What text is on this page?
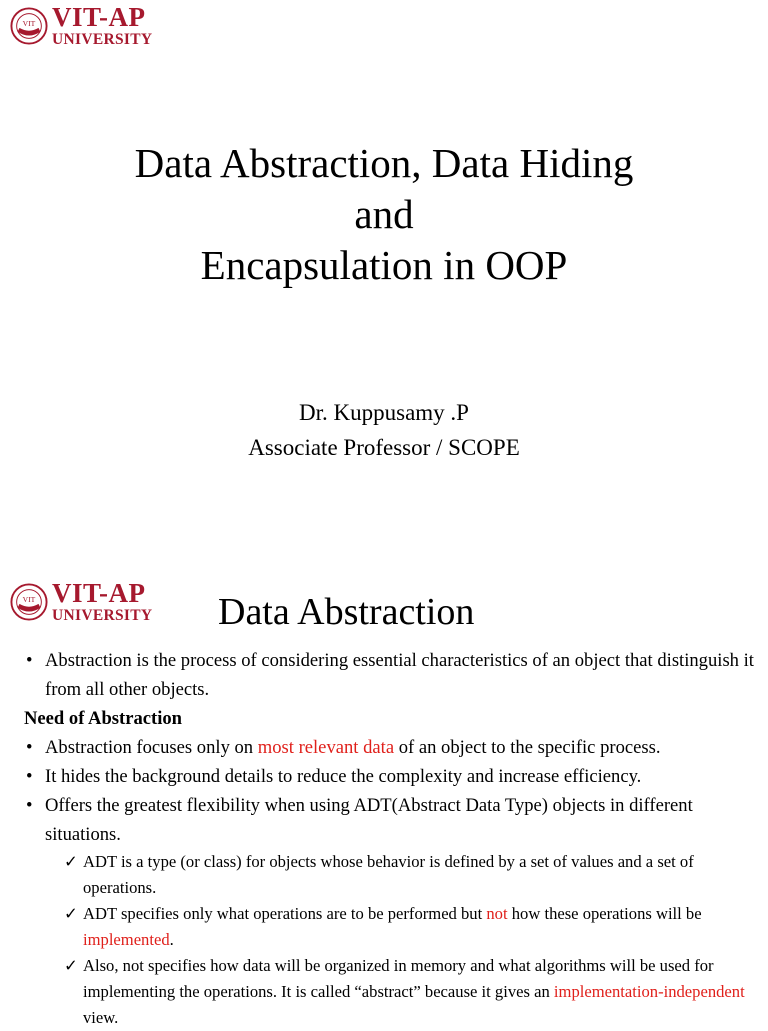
VIT VIT-AP
UNIVERSITY
Data Abstraction, Data Hiding
and
Encapsulation in OOP
Dr. Kuppusamy .P
Associate Professor / SCOPE
VIT VIT-AP
UNIVERSITY Data Abstraction
• Abstraction is the process of considering essential characteristics of an object that distinguish it from all other objects.
Need of Abstraction
• Abstraction focuses only on most relevant data of an object to the specific process.
• It hides the background details to reduce the complexity and increase efficiency.
• Offers the greatest flexibility when using ADT(Abstract Data Type) objects in different situations.
✓ ADT is a type (or class) for objects whose behavior is defined by a set of values and a set of operations.
✓ ADT specifies only what operations are to be performed but not how these operations will be implemented.
✓ Also, not specifies how data will be organized in memory and what algorithms will be used for implementing the operations. It is called “abstract” because it gives an implementation-independent view.
